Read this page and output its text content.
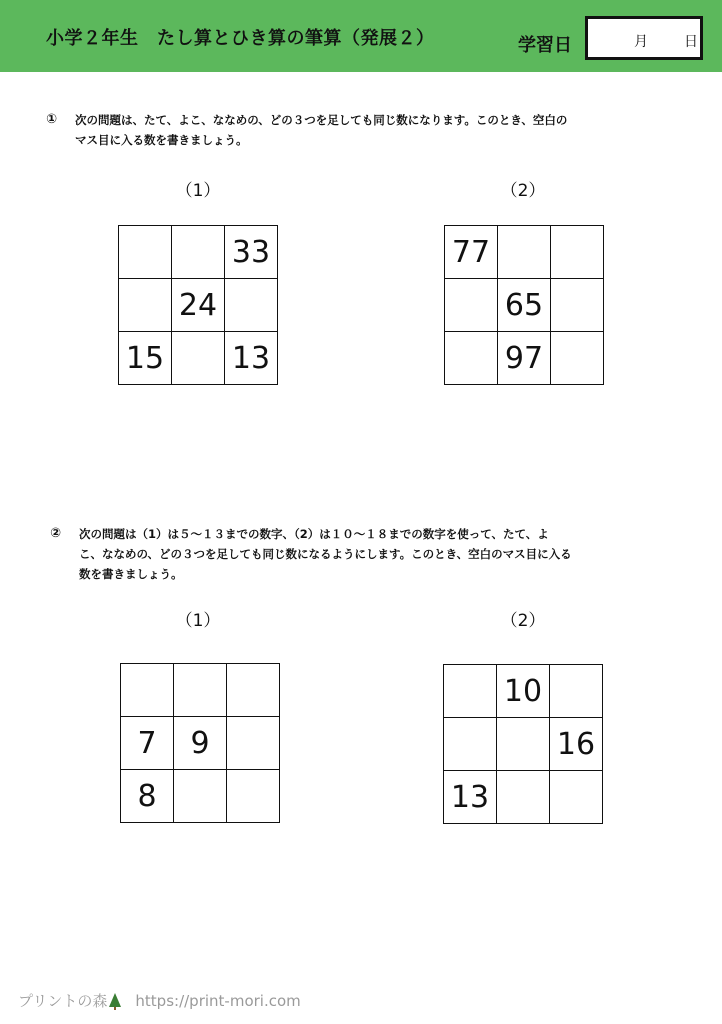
小学２年生　たし算とひき算の筆算（発展２）	学習日	月	日
① 次の問題は、たて、よこ、ななめの、どの３つを足しても同じ数になります。このとき、空白の
マス目に入る数を書きましょう。
（1）
		33
	24	
15		13
（2）
77		
	65	
	97	
② 次の問題は（1）は５～１３までの数字、（2）は１０～１８までの数字を使って、たて、よ
こ、ななめの、どの３つを足しても同じ数になるようにします。このとき、空白のマス目に入る
数を書きましょう。
（1）

7	9	
8		
（2）
	10	
		16
13		
プリントの森 https://print-mori.com
